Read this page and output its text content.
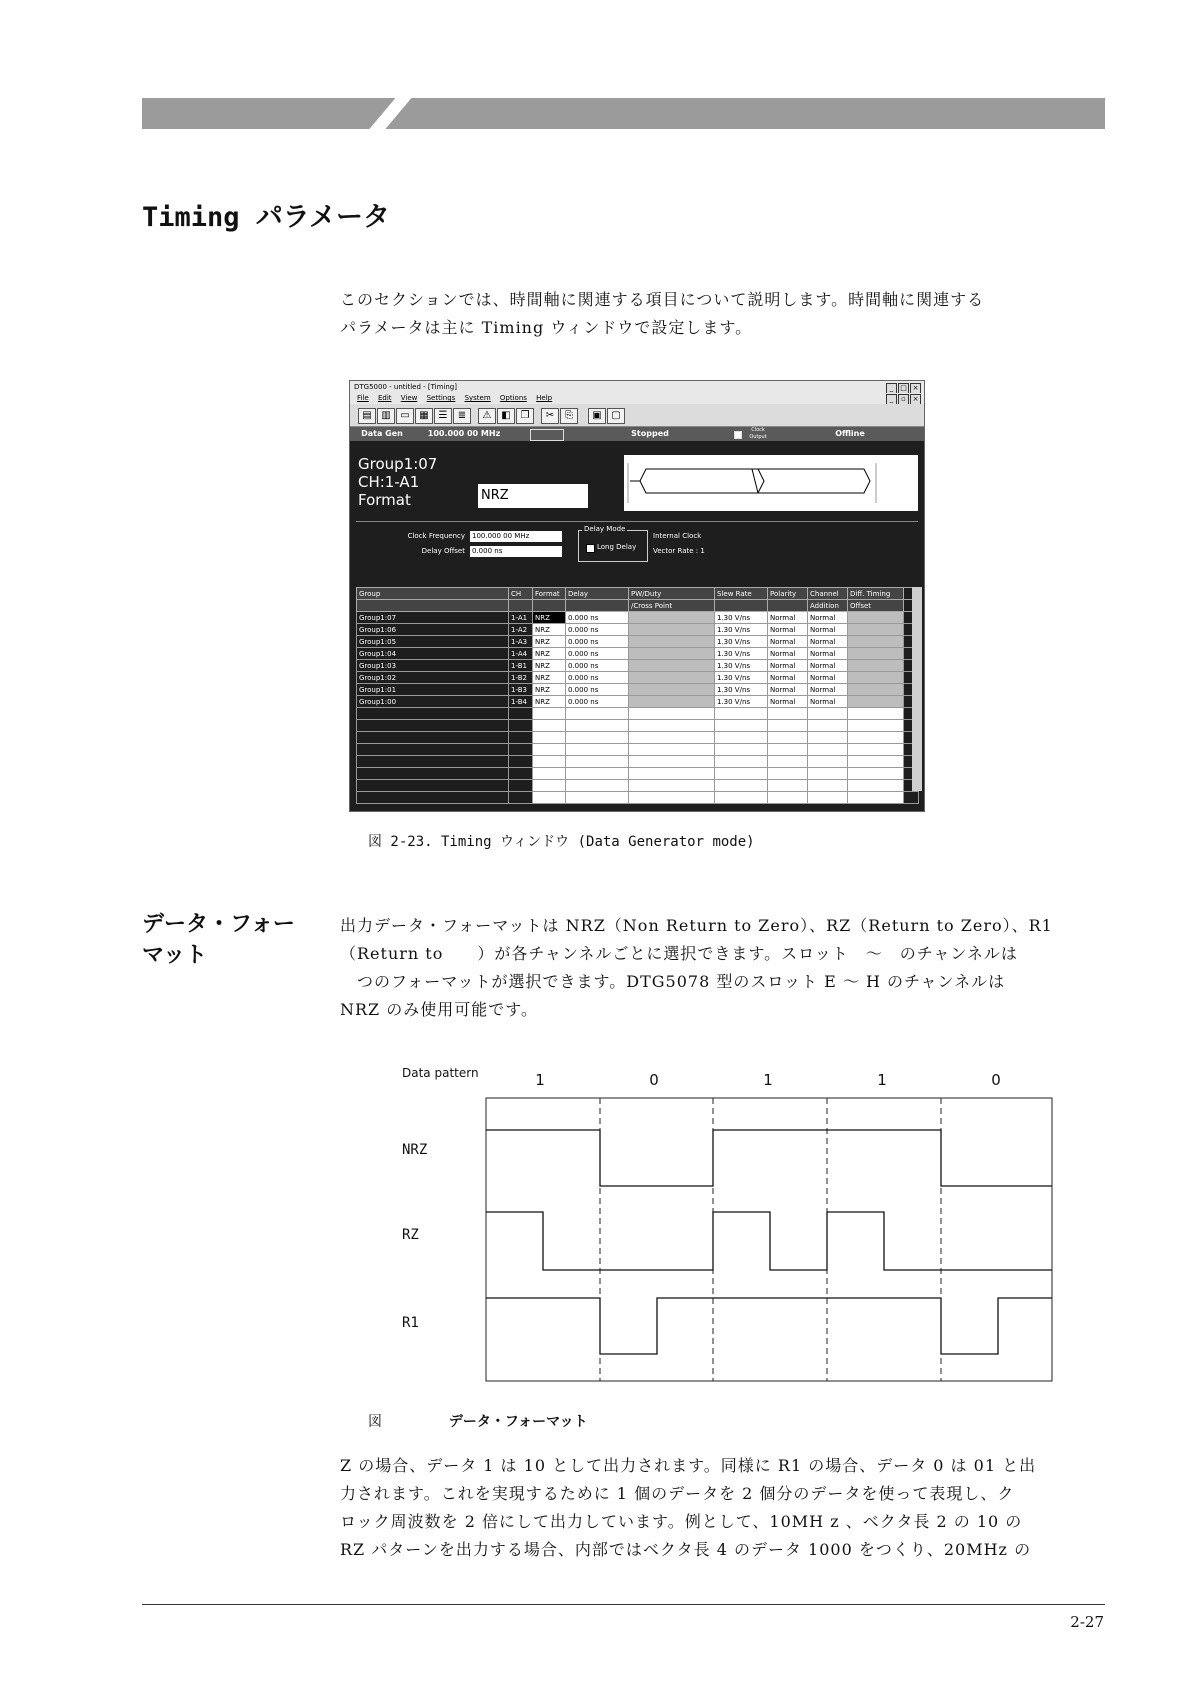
Timing パラメータ
このセクションでは、時間軸に関連する項目について説明します。時間軸に関連する
パラメータは主に Timing ウィンドウで設定します。
DTG5000 - untitled - [Timing]	_ □ ×
File Edit View Settings System Options Help	_ ▫ ×
▤ ▥ ▭ ▦ ☰	≣	⚠ ◧ ❐	✂	⎘	▣ ▢
Data Gen	100.000 00 MHz	Stopped	Clock Output	Offline
Group1:07
CH:1-A1
Format	NRZ
Clock Frequency 100.000 00 MHz
Delay Offset 0.000 ns
Delay Mode
Long Delay
Internal Clock
Vector Rate : 1
Group	CH	Format	Delay	PW/Duty	Slew Rate	Polarity	Channel	Diff. Timing	
				/Cross Point			Addition	Offset	
Group1:07	1-A1	NRZ	0.000 ns		1.30 V/ns	Normal	Normal		
Group1:06	1-A2	NRZ	0.000 ns		1.30 V/ns	Normal	Normal		
Group1:05	1-A3	NRZ	0.000 ns		1.30 V/ns	Normal	Normal		
Group1:04	1-A4	NRZ	0.000 ns		1.30 V/ns	Normal	Normal		
Group1:03	1-B1	NRZ	0.000 ns		1.30 V/ns	Normal	Normal		
Group1:02	1-B2	NRZ	0.000 ns		1.30 V/ns	Normal	Normal		
Group1:01	1-B3	NRZ	0.000 ns		1.30 V/ns	Normal	Normal		
Group1:00	1-B4	NRZ	0.000 ns		1.30 V/ns	Normal	Normal		

図 2-23. Timing ウィンドウ (Data Generator mode)
データ・フォー
マット
出力データ・フォーマットは NRZ（Non Return to Zero）、RZ（Return to Zero）、R1
（Return to　　）が各チャンネルごとに選択できます。スロット　～　のチャンネルは
　つのフォーマットが選択できます。DTG5078 型のスロット E ～ H のチャンネルは
NRZ のみ使用可能です。
Data pattern	1	0	1	1	0
NRZ
RZ
R1
図	データ・フォーマット
Z の場合、データ 1 は 10 として出力されます。同様に R1 の場合、データ 0 は 01 と出
力されます。これを実現するために 1 個のデータを 2 個分のデータを使って表現し、ク
ロック周波数を 2 倍にして出力しています。例として、10MH z 、ベクタ長 2 の 10 の
RZ パターンを出力する場合、内部ではベクタ長 4 のデータ 1000 をつくり、20MHz の
2-27
